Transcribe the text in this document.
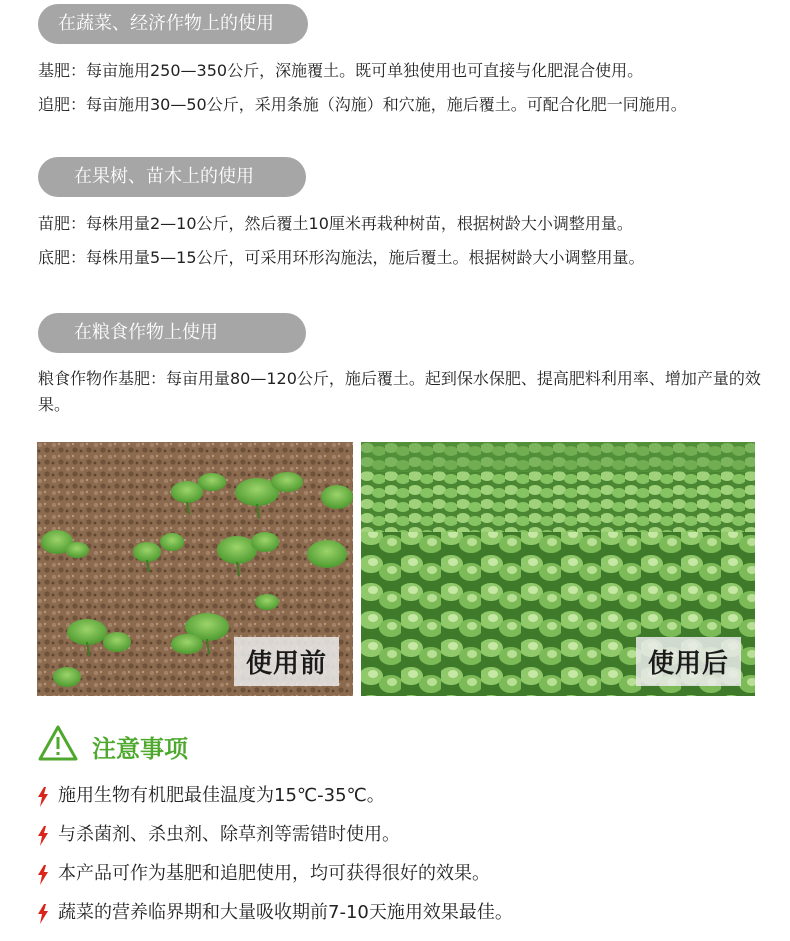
在蔬菜、经济作物上的使用
基肥：每亩施用250—350公斤，深施覆土。既可单独使用也可直接与化肥混合使用。
追肥：每亩施用30—50公斤，采用条施（沟施）和穴施，施后覆土。可配合化肥一同施用。
在果树、苗木上的使用
苗肥：每株用量2—10公斤，然后覆土10厘米再栽种树苗，根据树龄大小调整用量。
底肥：每株用量5—15公斤，可采用环形沟施法，施后覆土。根据树龄大小调整用量。
在粮食作物上使用
粮食作物作基肥：每亩用量80—120公斤，施后覆土。起到保水保肥、提高肥料利用率、增加产量的效果。
使用前	使用后
注意事项
施用生物有机肥最佳温度为15℃-35℃。
与杀菌剂、杀虫剂、除草剂等需错时使用。
本产品可作为基肥和追肥使用，均可获得很好的效果。
蔬菜的营养临界期和大量吸收期前7-10天施用效果最佳。
